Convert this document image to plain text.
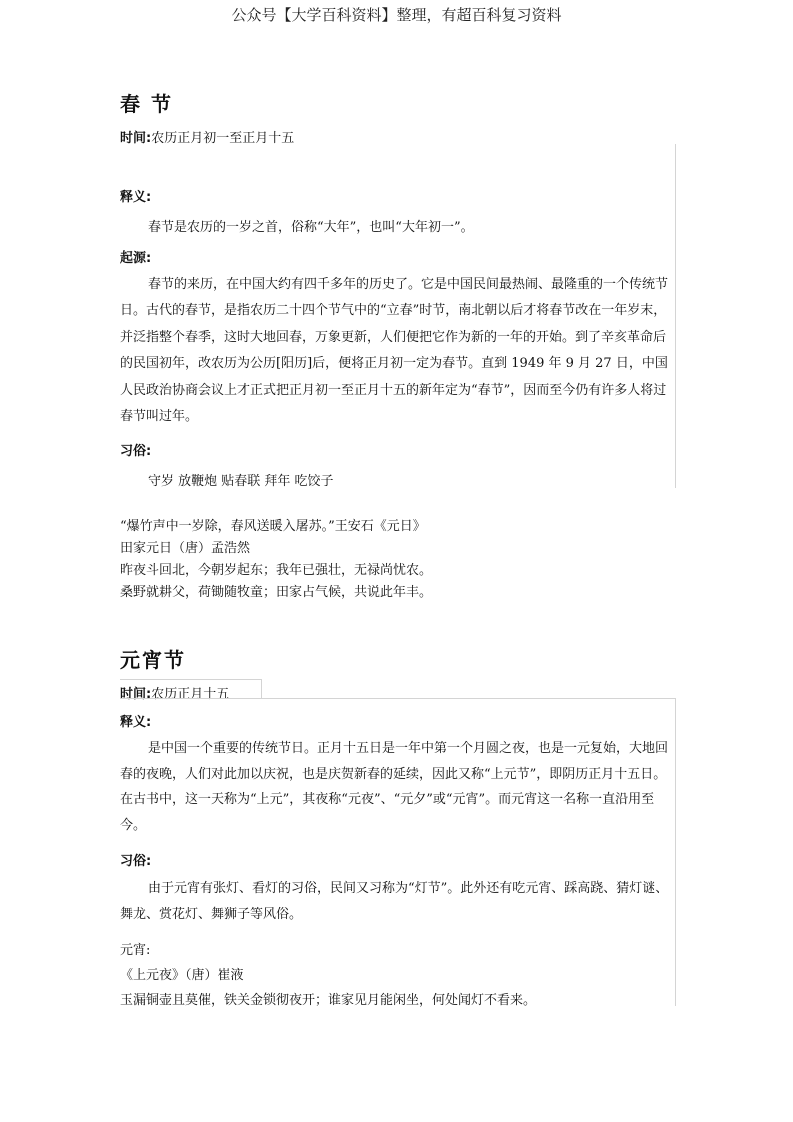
公众号【大学百科资料】整理，有超百科复习资料
春 节
时间:农历正月初一至正月十五
释义:
春节是农历的一岁之首，俗称“大年”，也叫“大年初一”。
起源:
春节的来历，在中国大约有四千多年的历史了。它是中国民间最热闹、最隆重的一个传统节日。古代的春节，是指农历二十四个节气中的“立春”时节，南北朝以后才将春节改在一年岁末，并泛指整个春季，这时大地回春，万象更新，人们便把它作为新的一年的开始。到了辛亥革命后的民国初年，改农历为公历[阳历]后，便将正月初一定为春节。直到 1949 年 9 月 27 日，中国人民政治协商会议上才正式把正月初一至正月十五的新年定为“春节”，因而至今仍有许多人将过春节叫过年。
习俗:
守岁 放鞭炮 贴春联 拜年 吃饺子
“爆竹声中一岁除，春风送暖入屠苏。”王安石《元日》
田家元日（唐）孟浩然
昨夜斗回北，今朝岁起东；我年已强壮，无禄尚忧农。
桑野就耕父，荷锄随牧童；田家占气候，共说此年丰。
元宵节
时间:农历正月十五
释义:
是中国一个重要的传统节日。正月十五日是一年中第一个月圆之夜，也是一元复始，大地回春的夜晚，人们对此加以庆祝，也是庆贺新春的延续，因此又称“上元节”，即阴历正月十五日。在古书中，这一天称为“上元”，其夜称“元夜”、“元夕”或“元宵”。而元宵这一名称一直沿用至今。
习俗:
由于元宵有张灯、看灯的习俗，民间又习称为“灯节”。此外还有吃元宵、踩高跷、猜灯谜、舞龙、赏花灯、舞狮子等风俗。
元宵:
《上元夜》（唐）崔液
玉漏铜壶且莫催，铁关金锁彻夜开；谁家见月能闲坐，何处闻灯不看来。
